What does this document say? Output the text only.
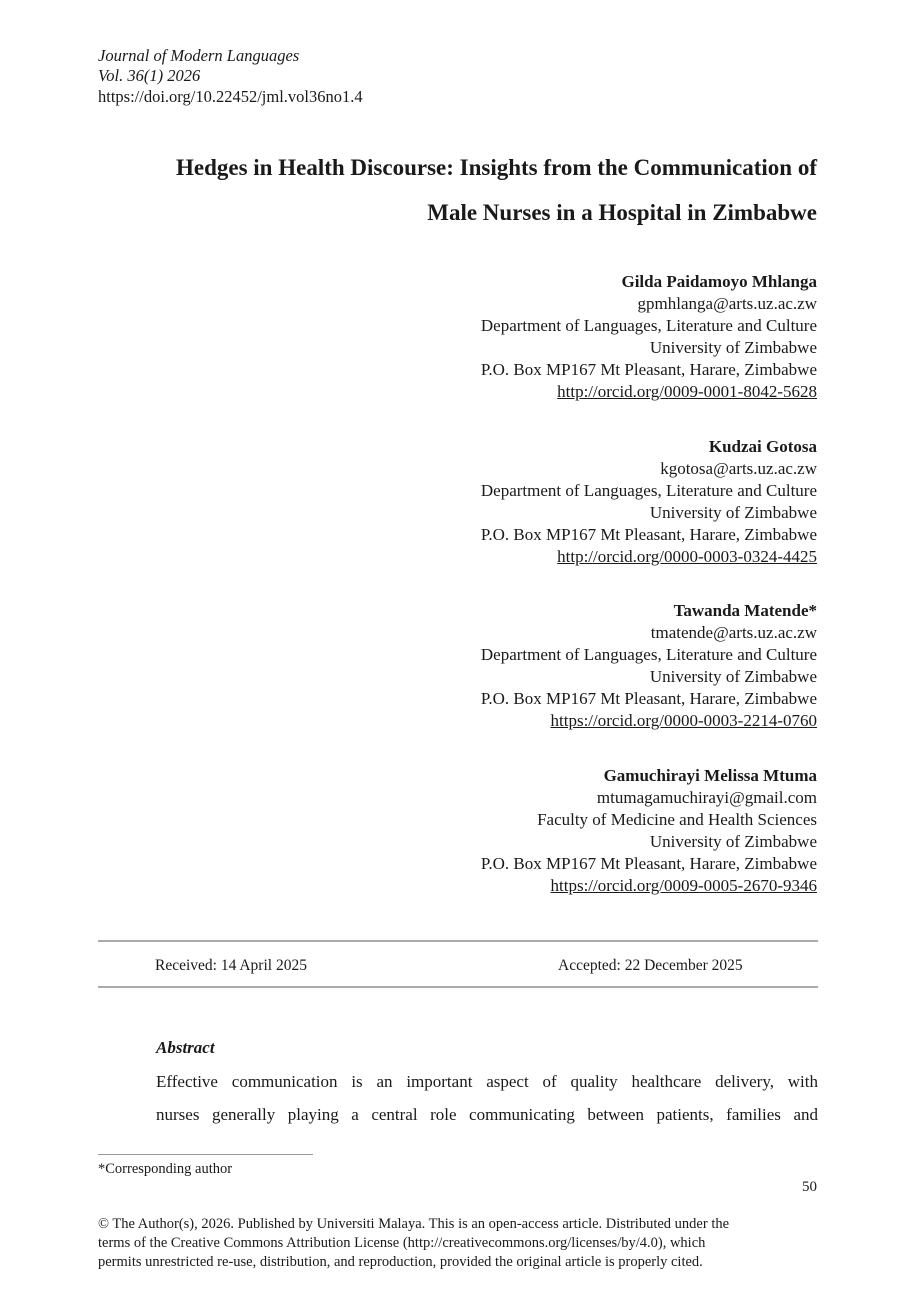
Journal of Modern Languages
Vol. 36(1) 2026
https://doi.org/10.22452/jml.vol36no1.4
Hedges in Health Discourse: Insights from the Communication of
Male Nurses in a Hospital in Zimbabwe
Gilda Paidamoyo Mhlanga
gpmhlanga@arts.uz.ac.zw
Department of Languages, Literature and Culture
University of Zimbabwe
P.O. Box MP167 Mt Pleasant, Harare, Zimbabwe
http://orcid.org/0009-0001-8042-5628
Kudzai Gotosa
kgotosa@arts.uz.ac.zw
Department of Languages, Literature and Culture
University of Zimbabwe
P.O. Box MP167 Mt Pleasant, Harare, Zimbabwe
http://orcid.org/0000-0003-0324-4425
Tawanda Matende*
tmatende@arts.uz.ac.zw
Department of Languages, Literature and Culture
University of Zimbabwe
P.O. Box MP167 Mt Pleasant, Harare, Zimbabwe
https://orcid.org/0000-0003-2214-0760
Gamuchirayi Melissa Mtuma
mtumagamuchirayi@gmail.com
Faculty of Medicine and Health Sciences
University of Zimbabwe
P.O. Box MP167 Mt Pleasant, Harare, Zimbabwe
https://orcid.org/0009-0005-2670-9346
Received: 14 April 2025	Accepted: 22 December 2025
Abstract
Effective communication is an important aspect of quality healthcare delivery, with
nurses generally playing a central role communicating between patients, families and
*Corresponding author
50
© The Author(s), 2026. Published by Universiti Malaya. This is an open-access article. Distributed under the
terms of the Creative Commons Attribution License (http://creativecommons.org/licenses/by/4.0), which
permits unrestricted re-use, distribution, and reproduction, provided the original article is properly cited.
